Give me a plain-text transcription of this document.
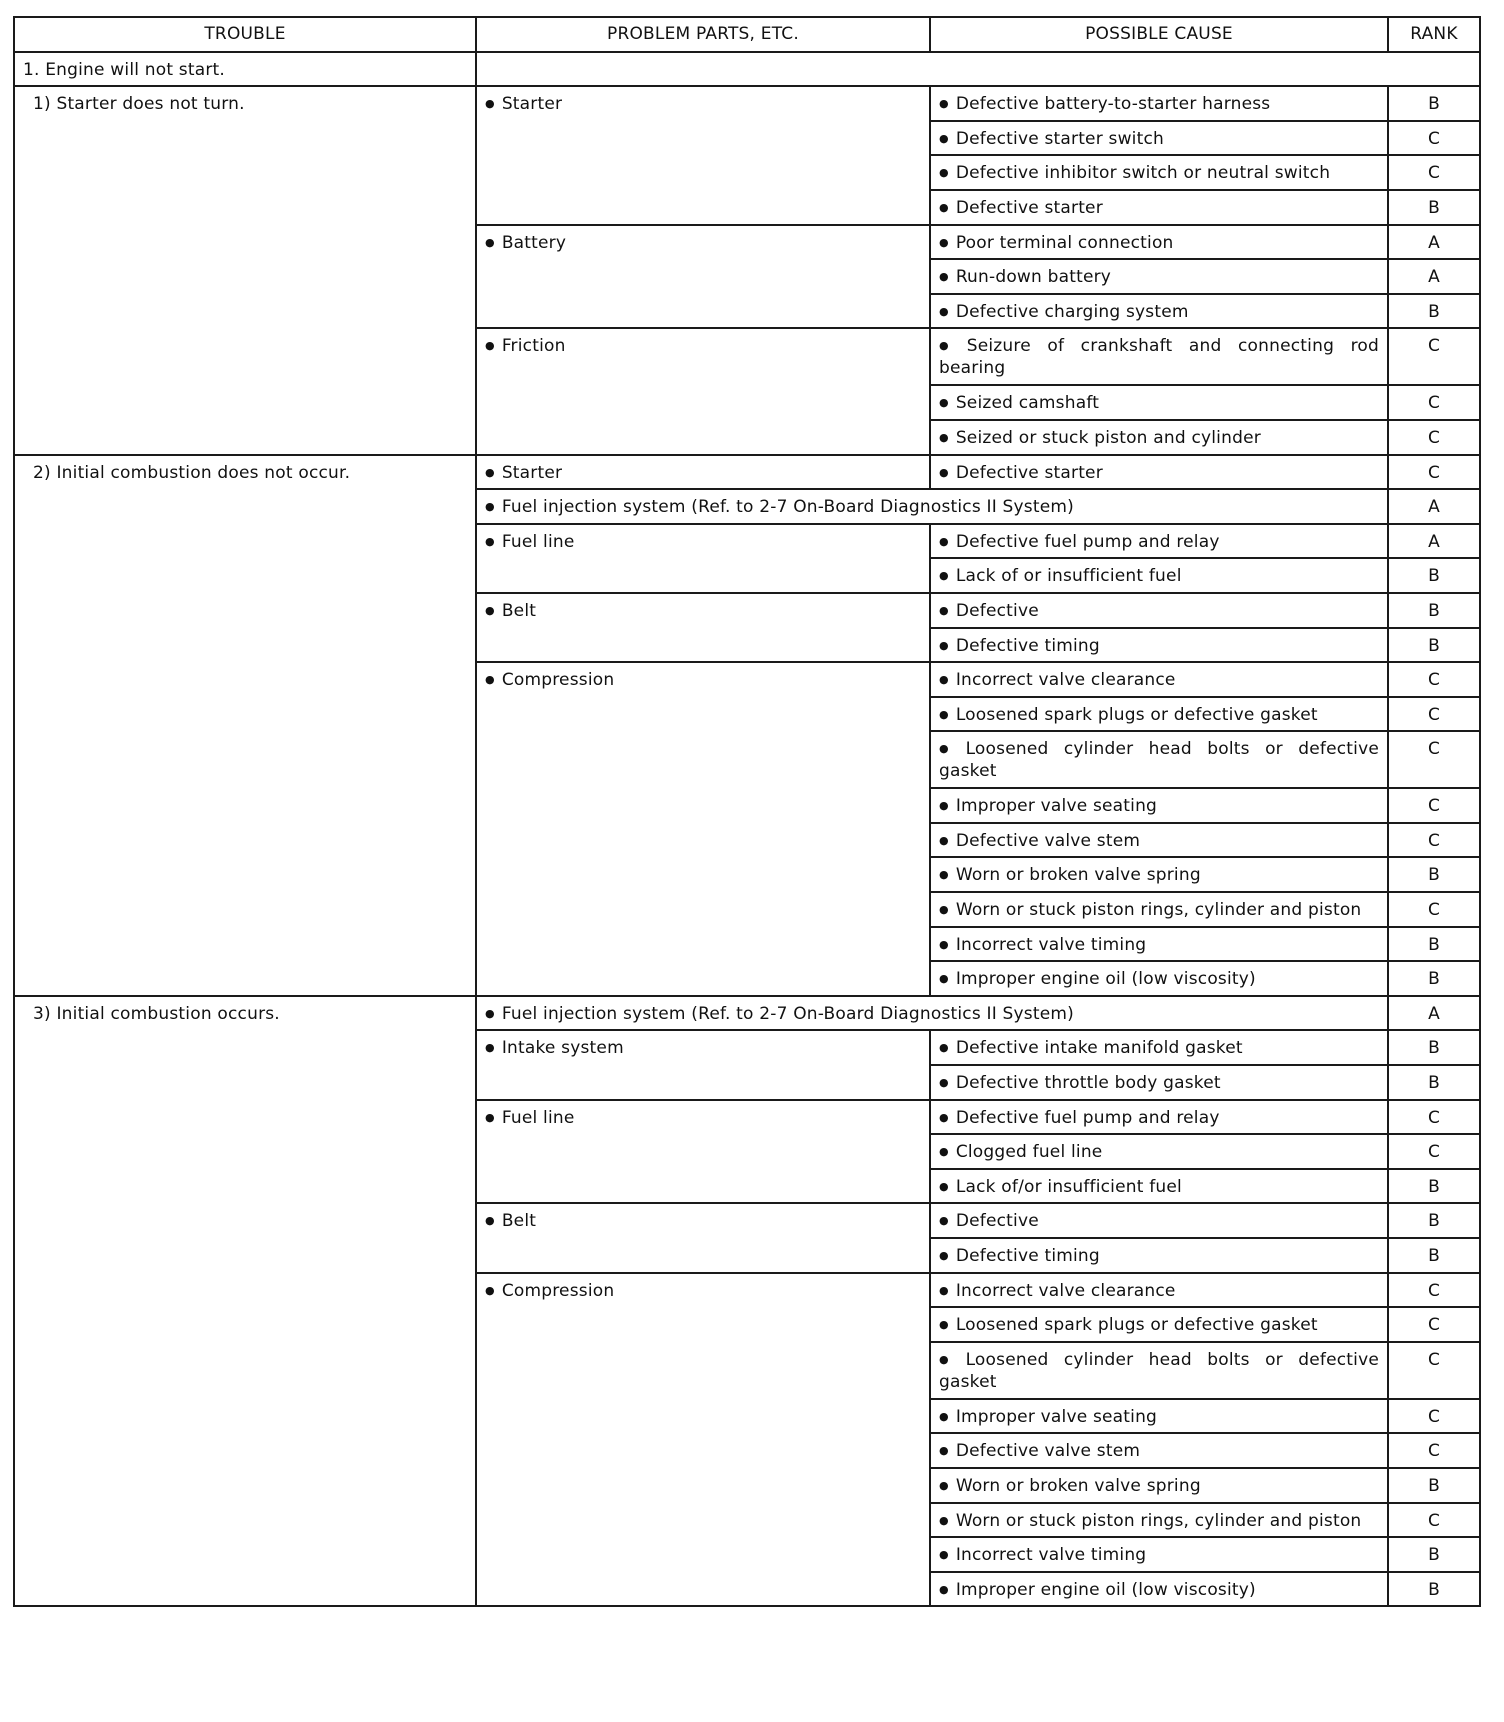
TROUBLE	PROBLEM PARTS, ETC.	POSSIBLE CAUSE	RANK
1. Engine will not start.			
1) Starter does not turn.	● Starter	● Defective battery-to-starter harness	B
		● Defective starter switch	C
		● Defective inhibitor switch or neutral switch	C
		● Defective starter	B
	● Battery	● Poor terminal connection	A
		● Run-down battery	A
		● Defective charging system	B
	● Friction	● Seizure of crankshaft and connecting rod bearing	C
		● Seized camshaft	C
		● Seized or stuck piston and cylinder	C
2) Initial combustion does not occur.	● Starter	● Defective starter	C
	● Fuel injection system (Ref. to 2-7 On-Board Diagnostics II System)		A
	● Fuel line	● Defective fuel pump and relay	A
		● Lack of or insufficient fuel	B
	● Belt	● Defective	B
		● Defective timing	B
	● Compression	● Incorrect valve clearance	C
		● Loosened spark plugs or defective gasket	C
		● Loosened cylinder head bolts or defective gasket	C
		● Improper valve seating	C
		● Defective valve stem	C
		● Worn or broken valve spring	B
		● Worn or stuck piston rings, cylinder and piston	C
		● Incorrect valve timing	B
		● Improper engine oil (low viscosity)	B
3) Initial combustion occurs.	● Fuel injection system (Ref. to 2-7 On-Board Diagnostics II System)		A
	● Intake system	● Defective intake manifold gasket	B
		● Defective throttle body gasket	B
	● Fuel line	● Defective fuel pump and relay	C
		● Clogged fuel line	C
		● Lack of/or insufficient fuel	B
	● Belt	● Defective	B
		● Defective timing	B
	● Compression	● Incorrect valve clearance	C
		● Loosened spark plugs or defective gasket	C
		● Loosened cylinder head bolts or defective gasket	C
		● Improper valve seating	C
		● Defective valve stem	C
		● Worn or broken valve spring	B
		● Worn or stuck piston rings, cylinder and piston	C
		● Incorrect valve timing	B
		● Improper engine oil (low viscosity)	B
